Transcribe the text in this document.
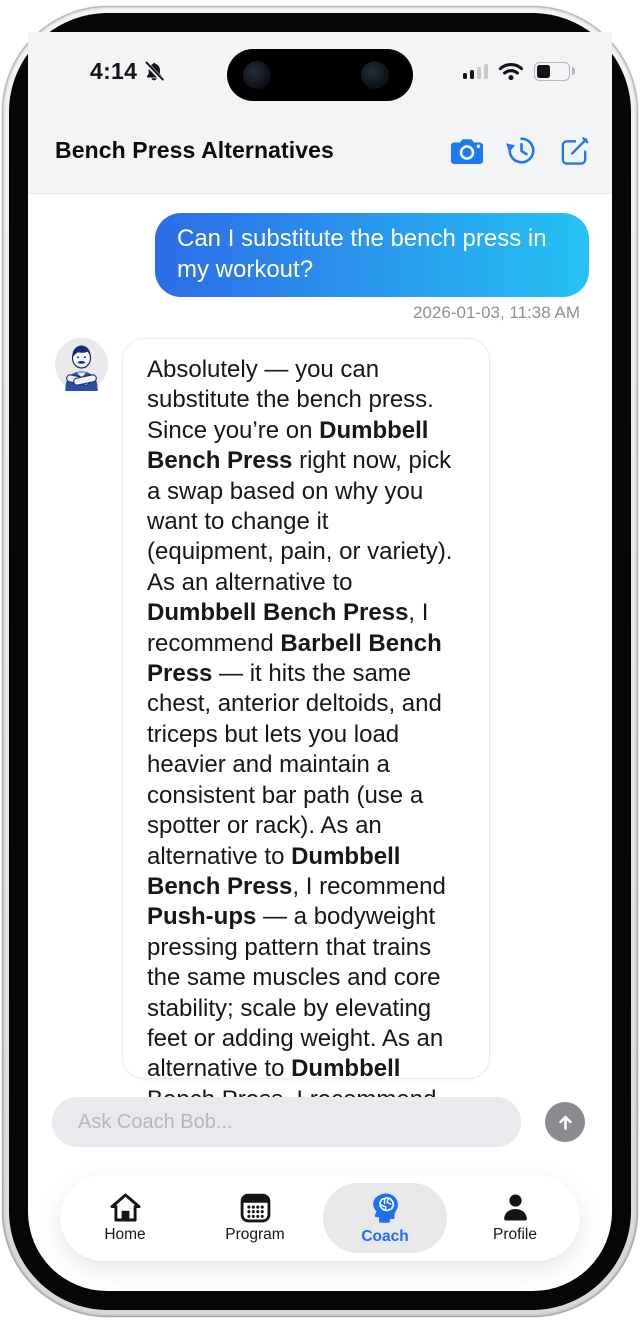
4:14
Bench Press Alternatives
Can I substitute the bench press in my workout?
2026-01-03, 11:38 AM
Absolutely — you can substitute the bench press. Since you’re on Dumbbell Bench Press right now, pick a swap based on why you want to change it (equipment, pain, or variety). As an alternative to Dumbbell Bench Press, I recommend Barbell Bench Press — it hits the same chest, anterior deltoids, and triceps but lets you load heavier and maintain a consistent bar path (use a spotter or rack). As an alternative to Dumbbell Bench Press, I recommend Push-ups — a bodyweight pressing pattern that trains the same muscles and core stability; scale by elevating feet or adding weight. As an alternative to Dumbbell
Ask Coach Bob...
Home	Program	Coach	Profile
